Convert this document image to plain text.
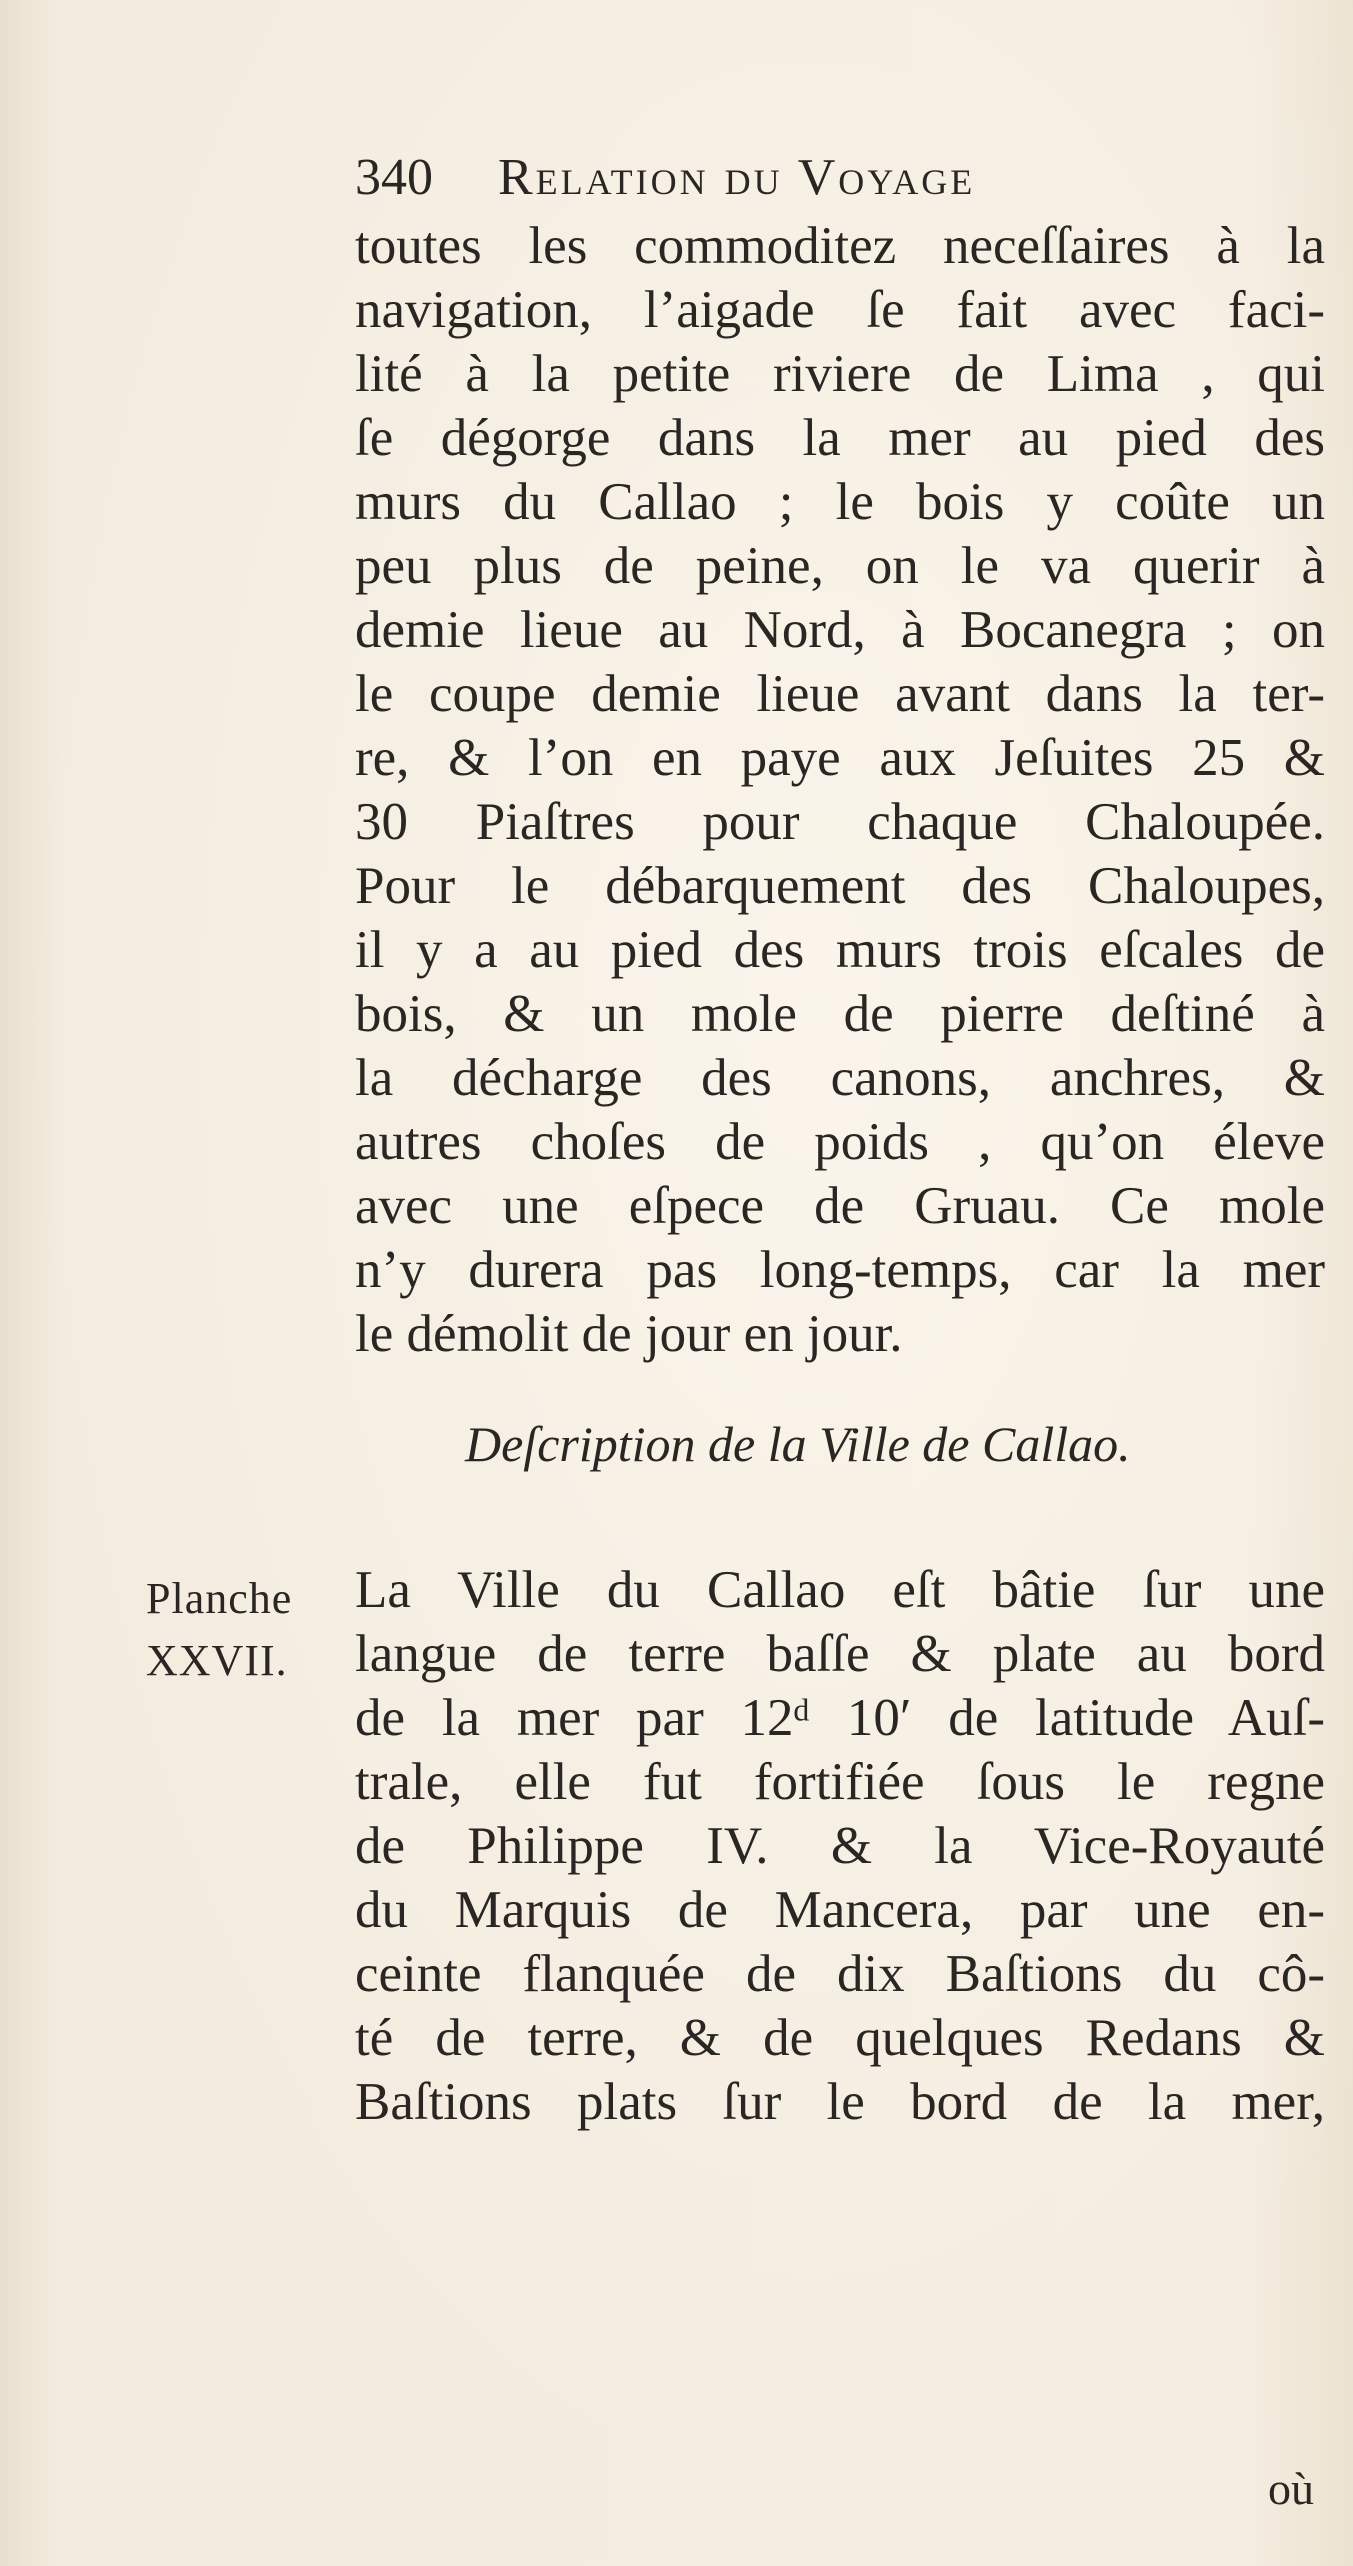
340 Relation du Voyage
toutes les commoditez neceſſaires à la
navigation, l’aigade ſe fait avec faci-
lité à la petite riviere de Lima , qui
ſe dégorge dans la mer au pied des
murs du Callao ; le bois y coûte un
peu plus de peine, on le va querir à
demie lieue au Nord, à Bocanegra ; on
le coupe demie lieue avant dans la ter-
re, & l’on en paye aux Jeſuites 25 &
30 Piaſtres pour chaque Chaloupée.
Pour le débarquement des Chaloupes,
il y a au pied des murs trois eſcales de
bois, & un mole de pierre deſtiné à
la décharge des canons, anchres, &
autres choſes de poids , qu’on éleve
avec une eſpece de Gruau. Ce mole
n’y durera pas long-temps, car la mer
le démolit de jour en jour.
Deſcription de la Ville de Callao.
Planche
XXVII.
La Ville du Callao eſt bâtie ſur une
langue de terre baſſe & plate au bord
de la mer par 12ᵈ 10ʹ de latitude Auſ-
trale, elle fut fortifiée ſous le regne
de Philippe IV. & la Vice-Royauté
du Marquis de Mancera, par une en-
ceinte flanquée de dix Baſtions du cô-
té de terre, & de quelques Redans &
Baſtions plats ſur le bord de la mer,
où
